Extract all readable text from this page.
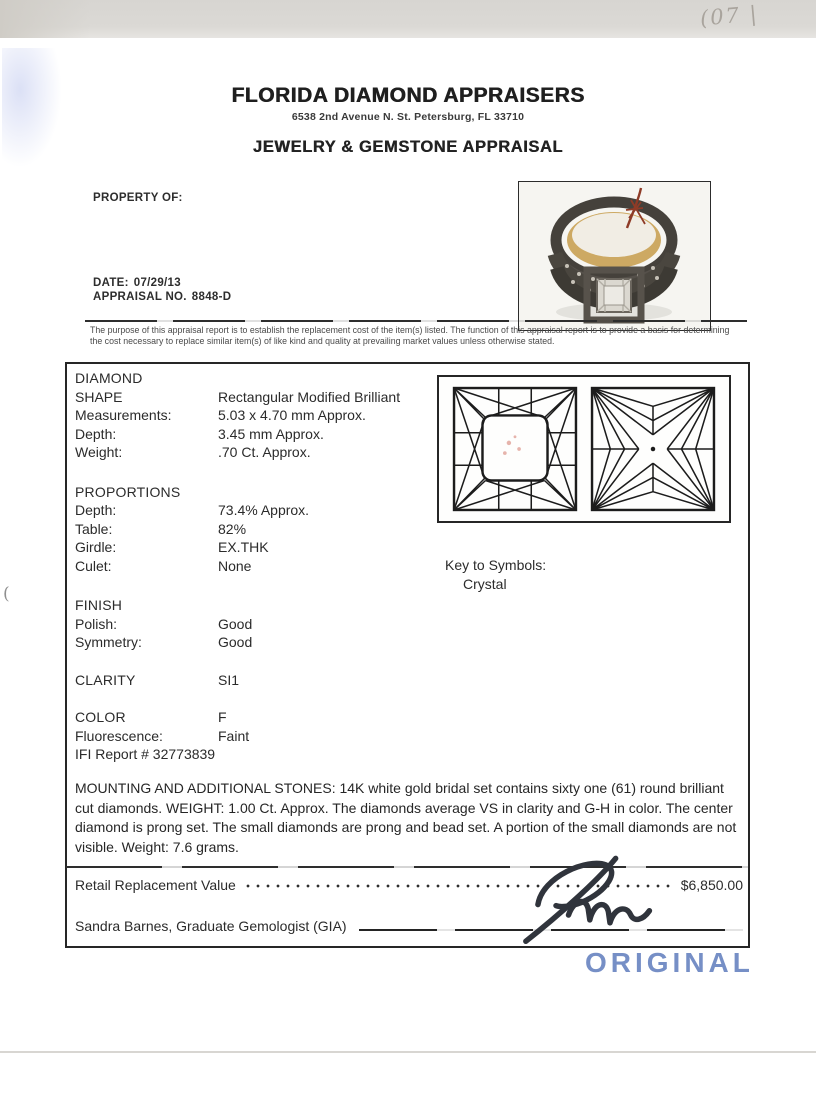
(07 |
(
FLORIDA DIAMOND APPRAISERS
6538 2nd Avenue N. St. Petersburg, FL 33710
JEWELRY & GEMSTONE APPRAISAL
PROPERTY OF:
DATE: 07/29/13
APPRAISAL NO. 8848-D

The purpose of this appraisal report is to establish the replacement cost of the item(s) listed. The function of this appraisal report is to provide a basis for determining the cost necessary to replace similar item(s) of like kind and quality at prevailing market values unless otherwise stated.

DIAMOND
SHAPE	Rectangular Modified Brilliant
Measurements:	5.03 x 4.70 mm Approx.
Depth:	3.45 mm Approx.
Weight:	.70 Ct. Approx.
PROPORTIONS
Depth:	73.4% Approx.
Table:	82%
Girdle:	EX.THK
Culet:	None
FINISH
Polish:	Good
Symmetry:	Good
CLARITY	SI1
COLOR	F
Fluorescence:	Faint
IFI Report # 32773839
Key to Symbols:
Crystal

MOUNTING AND ADDITIONAL STONES: 14K white gold bridal set contains sixty one (61) round brilliant cut diamonds. WEIGHT: 1.00 Ct. Approx. The diamonds average VS in clarity and G-H in color. The center diamond is prong set. The small diamonds are prong and bead set. A portion of the small diamonds are not visible. Weight: 7.6 grams.

Retail Replacement Value	$6,850.00
Sandra Barnes, Graduate Gemologist (GIA)
ORIGINAL
